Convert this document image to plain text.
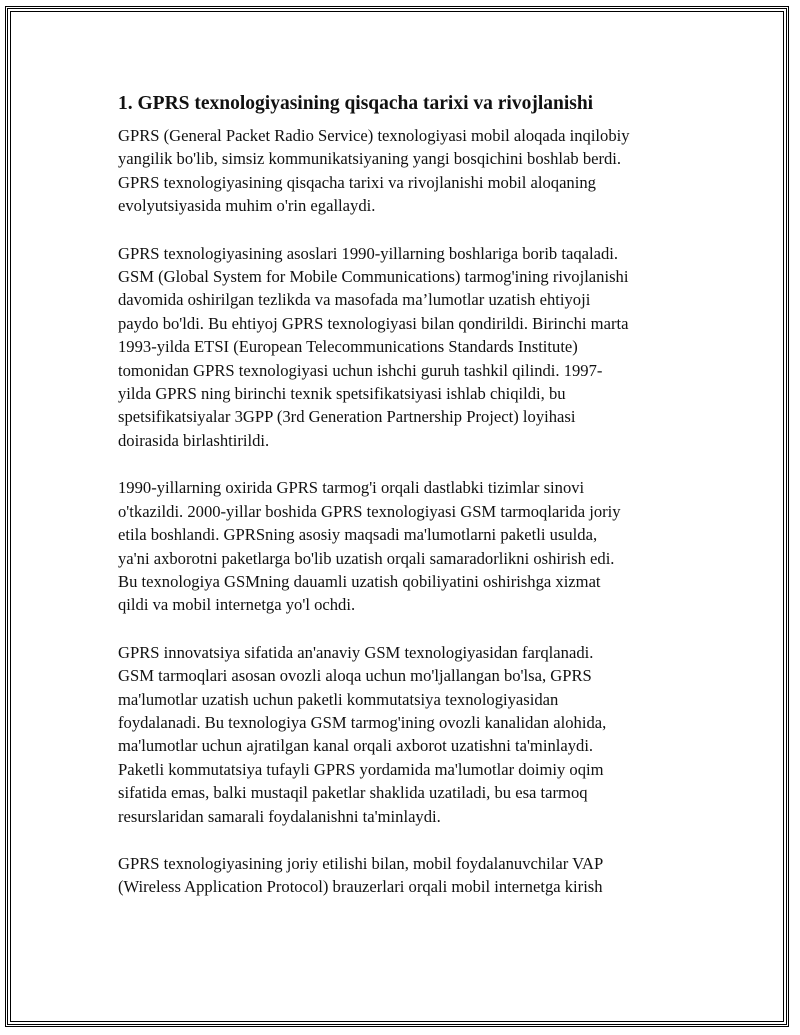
1. GPRS texnologiyasining qisqacha tarixi va rivojlanishi

GPRS (General Packet Radio Service) texnologiyasi mobil aloqada inqilobiy
yangilik bo'lib, simsiz kommunikatsiyaning yangi bosqichini boshlab berdi.
GPRS texnologiyasining qisqacha tarixi va rivojlanishi mobil aloqaning
evolyutsiyasida muhim o'rin egallaydi.

GPRS texnologiyasining asoslari 1990-yillarning boshlariga borib taqaladi.
GSM (Global System for Mobile Communications) tarmog'ining rivojlanishi
davomida oshirilgan tezlikda va masofada ma’lumotlar uzatish ehtiyoji
paydo bo'ldi. Bu ehtiyoj GPRS texnologiyasi bilan qondirildi. Birinchi marta
1993-yilda ETSI (European Telecommunications Standards Institute)
tomonidan GPRS texnologiyasi uchun ishchi guruh tashkil qilindi. 1997-
yilda GPRS ning birinchi texnik spetsifikatsiyasi ishlab chiqildi, bu
spetsifikatsiyalar 3GPP (3rd Generation Partnership Project) loyihasi
doirasida birlashtirildi.

1990-yillarning oxirida GPRS tarmog'i orqali dastlabki tizimlar sinovi
o'tkazildi. 2000-yillar boshida GPRS texnologiyasi GSM tarmoqlarida joriy
etila boshlandi. GPRSning asosiy maqsadi ma'lumotlarni paketli usulda,
ya'ni axborotni paketlarga bo'lib uzatish orqali samaradorlikni oshirish edi.
Bu texnologiya GSMning dauamli uzatish qobiliyatini oshirishga xizmat
qildi va mobil internetga yo'l ochdi.

GPRS innovatsiya sifatida an'anaviy GSM texnologiyasidan farqlanadi.
GSM tarmoqlari asosan ovozli aloqa uchun mo'ljallangan bo'lsa, GPRS
ma'lumotlar uzatish uchun paketli kommutatsiya texnologiyasidan
foydalanadi. Bu texnologiya GSM tarmog'ining ovozli kanalidan alohida,
ma'lumotlar uchun ajratilgan kanal orqali axborot uzatishni ta'minlaydi.
Paketli kommutatsiya tufayli GPRS yordamida ma'lumotlar doimiy oqim
sifatida emas, balki mustaqil paketlar shaklida uzatiladi, bu esa tarmoq
resurslaridan samarali foydalanishni ta'minlaydi.

GPRS texnologiyasining joriy etilishi bilan, mobil foydalanuvchilar VAP
(Wireless Application Protocol) brauzerlari orqali mobil internetga kirish
